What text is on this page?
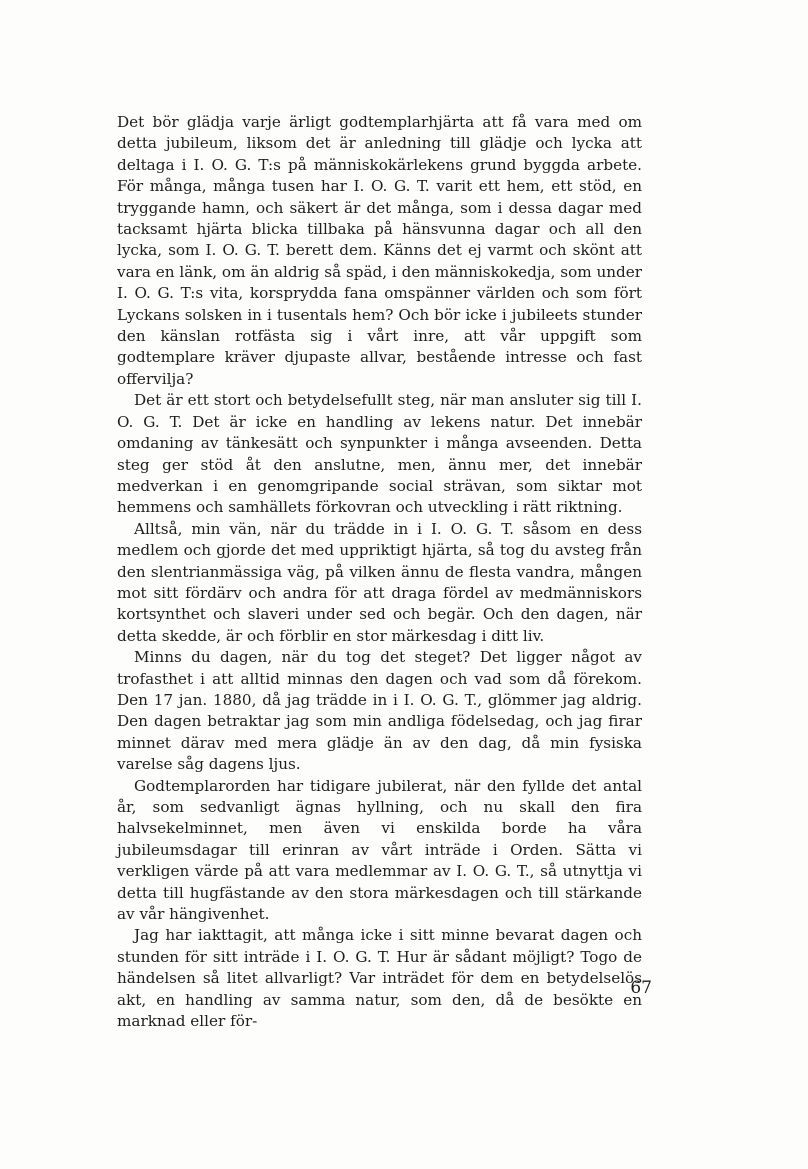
Det bör glädja varje ärligt godtemplarhjärta att få vara med om detta jubileum, liksom det är anledning till glädje och lycka att deltaga i I. O. G. T:s på människokärlekens grund byggda arbete. För många, många tusen har I. O. G. T. varit ett hem, ett stöd, en tryggande hamn, och säkert är det många, som i dessa dagar med tacksamt hjärta blicka tillbaka på hänsvunna dagar och all den lycka, som I. O. G. T. berett dem. Känns det ej varmt och skönt att vara en länk, om än aldrig så späd, i den människokedja, som under I. O. G. T:s vita, korsprydda fana omspänner världen och som fört Lyckans solsken in i tusentals hem? Och bör icke i jubileets stunder den känslan rotfästa sig i vårt inre, att vår uppgift som godtemplare kräver djupaste allvar, bestående intresse och fast offervilja?

Det är ett stort och betydelsefullt steg, när man ansluter sig till I. O. G. T. Det är icke en handling av lekens natur. Det innebär omdaning av tänkesätt och synpunkter i många avseenden. Detta steg ger stöd åt den anslutne, men, ännu mer, det innebär medverkan i en genomgripande social strävan, som siktar mot hemmens och samhällets förkovran och utveckling i rätt riktning.

Alltså, min vän, när du trädde in i I. O. G. T. såsom en dess medlem och gjorde det med uppriktigt hjärta, så tog du avsteg från den slentrianmässiga väg, på vilken ännu de flesta vandra, mången mot sitt fördärv och andra för att draga fördel av medmänniskors kortsynthet och slaveri under sed och begär. Och den dagen, när detta skedde, är och förblir en stor märkesdag i ditt liv.

Minns du dagen, när du tog det steget? Det ligger något av trofasthet i att alltid minnas den dagen och vad som då förekom. Den 17 jan. 1880, då jag trädde in i I. O. G. T., glömmer jag aldrig. Den dagen betraktar jag som min andliga födelsedag, och jag firar minnet därav med mera glädje än av den dag, då min fysiska varelse såg dagens ljus.

Godtemplarorden har tidigare jubilerat, när den fyllde det antal år, som sedvanligt ägnas hyllning, och nu skall den fira halvsekelminnet, men även vi enskilda borde ha våra jubileumsdagar till erinran av vårt inträde i Orden. Sätta vi verkligen värde på att vara medlemmar av I. O. G. T., så utnyttja vi detta till hugfästande av den stora märkesdagen och till stärkande av vår hängivenhet.

Jag har iakttagit, att många icke i sitt minne bevarat dagen och stunden för sitt inträde i I. O. G. T. Hur är sådant möjligt? Togo de händelsen så litet allvarligt? Var inträdet för dem en betydelselös akt, en handling av samma natur, som den, då de besökte en marknad eller för-

67
